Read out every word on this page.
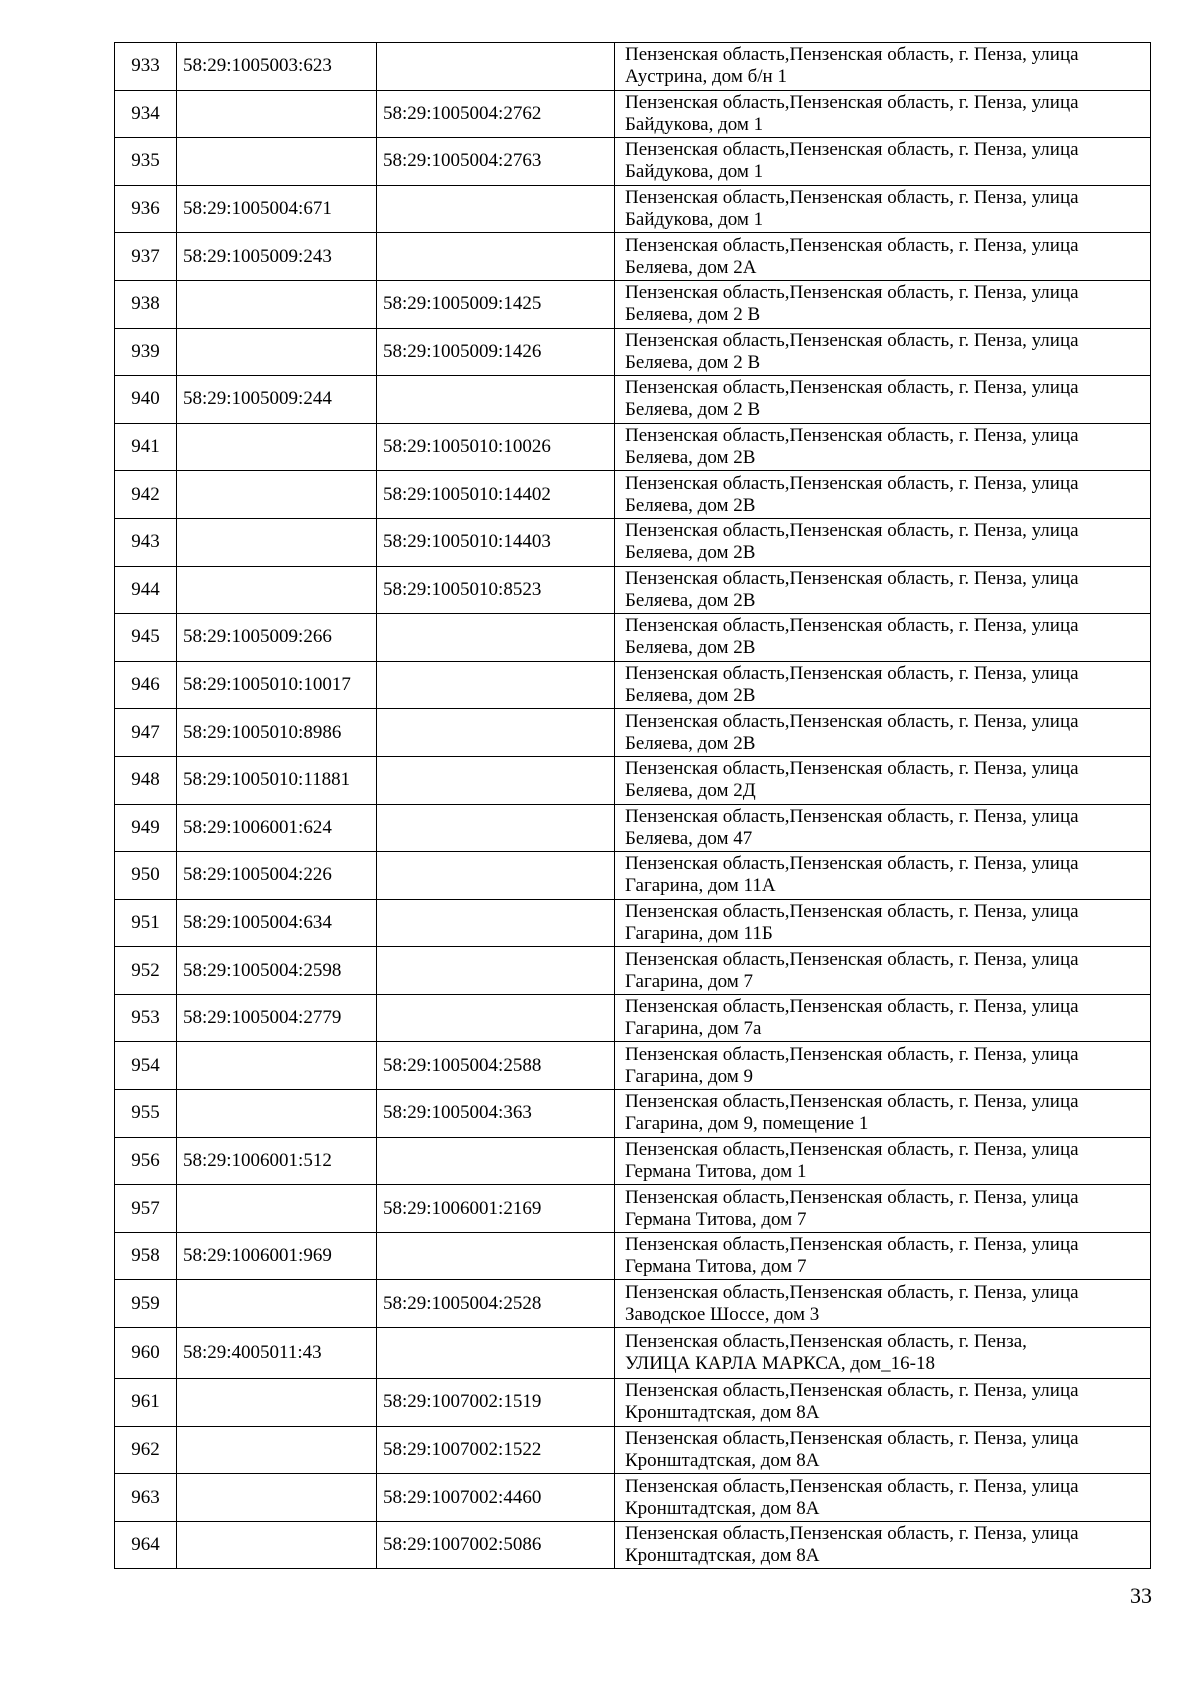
933	58:29:1005003:623		Пензенская область,Пензенская область, г. Пенза, улица
Аустрина, дом б/н 1

934		58:29:1005004:2762	Пензенская область,Пензенская область, г. Пенза, улица
Байдукова, дом 1

935		58:29:1005004:2763	Пензенская область,Пензенская область, г. Пенза, улица
Байдукова, дом 1

936	58:29:1005004:671		Пензенская область,Пензенская область, г. Пенза, улица
Байдукова, дом 1

937	58:29:1005009:243		Пензенская область,Пензенская область, г. Пенза, улица
Беляева, дом 2А

938		58:29:1005009:1425	Пензенская область,Пензенская область, г. Пенза, улица
Беляева, дом 2 В

939		58:29:1005009:1426	Пензенская область,Пензенская область, г. Пенза, улица
Беляева, дом 2 В

940	58:29:1005009:244		Пензенская область,Пензенская область, г. Пенза, улица
Беляева, дом 2 В

941		58:29:1005010:10026	Пензенская область,Пензенская область, г. Пенза, улица
Беляева, дом 2В

942		58:29:1005010:14402	Пензенская область,Пензенская область, г. Пенза, улица
Беляева, дом 2В

943		58:29:1005010:14403	Пензенская область,Пензенская область, г. Пенза, улица
Беляева, дом 2В

944		58:29:1005010:8523	Пензенская область,Пензенская область, г. Пенза, улица
Беляева, дом 2В

945	58:29:1005009:266		Пензенская область,Пензенская область, г. Пенза, улица
Беляева, дом 2В

946	58:29:1005010:10017		Пензенская область,Пензенская область, г. Пенза, улица
Беляева, дом 2В

947	58:29:1005010:8986		Пензенская область,Пензенская область, г. Пенза, улица
Беляева, дом 2В

948	58:29:1005010:11881		Пензенская область,Пензенская область, г. Пенза, улица
Беляева, дом 2Д

949	58:29:1006001:624		Пензенская область,Пензенская область, г. Пенза, улица
Беляева, дом 47

950	58:29:1005004:226		Пензенская область,Пензенская область, г. Пенза, улица
Гагарина, дом 11А

951	58:29:1005004:634		Пензенская область,Пензенская область, г. Пенза, улица
Гагарина, дом 11Б

952	58:29:1005004:2598		Пензенская область,Пензенская область, г. Пенза, улица
Гагарина, дом 7

953	58:29:1005004:2779		Пензенская область,Пензенская область, г. Пенза, улица
Гагарина, дом 7а

954		58:29:1005004:2588	Пензенская область,Пензенская область, г. Пенза, улица
Гагарина, дом 9

955		58:29:1005004:363	Пензенская область,Пензенская область, г. Пенза, улица
Гагарина, дом 9, помещение 1

956	58:29:1006001:512		Пензенская область,Пензенская область, г. Пенза, улица
Германа Титова, дом 1

957		58:29:1006001:2169	Пензенская область,Пензенская область, г. Пенза, улица
Германа Титова, дом 7

958	58:29:1006001:969		Пензенская область,Пензенская область, г. Пенза, улица
Германа Титова, дом 7

959		58:29:1005004:2528	Пензенская область,Пензенская область, г. Пенза, улица
Заводское Шоссе, дом 3

960	58:29:4005011:43		Пензенская область,Пензенская область, г. Пенза,
УЛИЦА КАРЛА МАРКСА, дом_16-18

961		58:29:1007002:1519	Пензенская область,Пензенская область, г. Пенза, улица
Кронштадтская, дом 8А

962		58:29:1007002:1522	Пензенская область,Пензенская область, г. Пенза, улица
Кронштадтская, дом 8А

963		58:29:1007002:4460	Пензенская область,Пензенская область, г. Пенза, улица
Кронштадтская, дом 8А

964		58:29:1007002:5086	Пензенская область,Пензенская область, г. Пенза, улица
Кронштадтская, дом 8А
33
